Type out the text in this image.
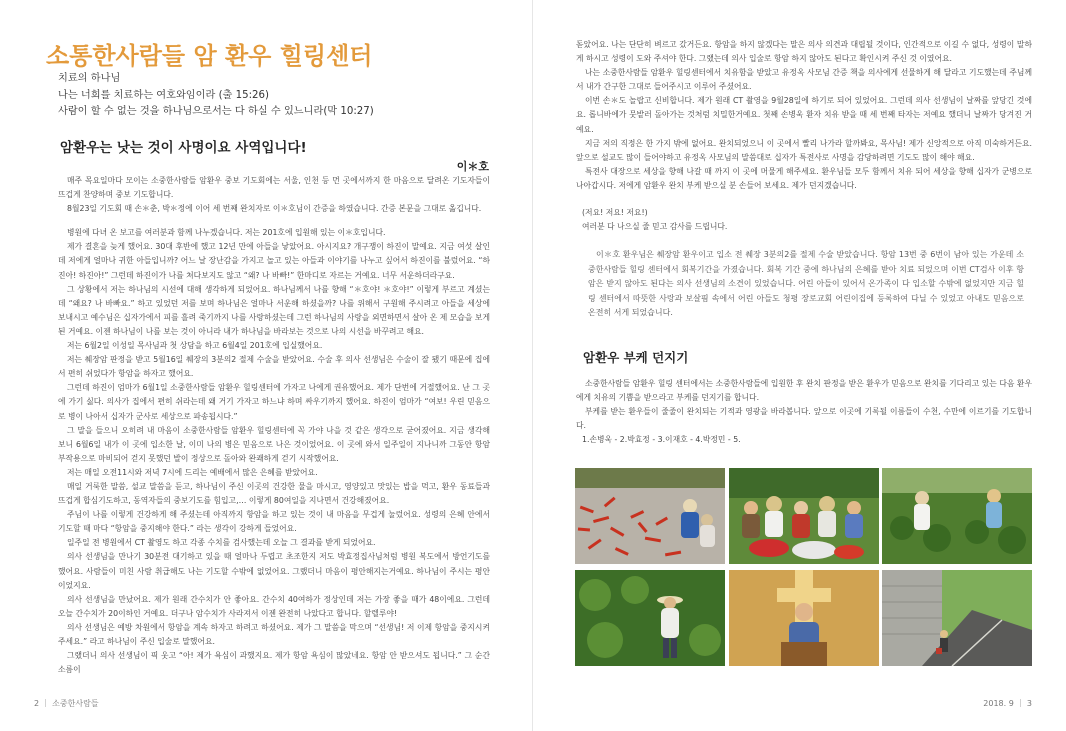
소통한사람들 암 환우 힐링센터
치료의 하나님
나는 너희를 치료하는 여호와임이라 (출 15:26)
사람이 할 수 없는 것을 하나님으로서는 다 하실 수 있느니라(막 10:27)
암환우는 낫는 것이 사명이요 사역입니다!
이＊호

매주 목요일마다 모이는 소중한사람들 암환우 중보 기도회에는 서울, 인천 등 먼 곳에서까지 한 마음으로 달려온 기도자들이 뜨겁게 찬양하며 중보 기도합니다.

8월23일 기도회 때 손＊춘, 박＊정에 이어 세 번째 완치자로 이＊호님이 간증을 하였습니다. 간증 본문을 그대로 옮깁니다.

병원에 다녀 온 보고를 여러분과 함께 나누겠습니다. 저는 201호에 입원해 있는 이＊호입니다.

제가 결혼을 늦게 했어요. 30대 후반에 했고 12년 만에 아들을 낳았어요. 아시지요? 개구쟁이 하진이 말예요. 지금 여섯 살인데 저에게 얼마나 귀한 아들입니까? 어느 날 장난감을 가지고 놀고 있는 아들과 이야기를 나누고 싶어서 하진이를 불렀어요. “하진아! 하진아!” 그런데 하진이가 나를 쳐다보지도 않고 “왜? 나 바빠!” 한마디로 자르는 거예요. 너무 서운하더라구요.

그 상황에서 저는 하나님의 시선에 대해 생각하게 되었어요. 하나님께서 나를 향해 “＊호야! ＊호야!” 이렇게 부르고 계셨는데 “왜요? 나 바빠요.” 하고 있었던 저를 보며 하나님은 얼마나 서운해 하셨을까? 나를 위해서 구원해 주시려고 아들을 세상에 보내시고 예수님은 십자가에서 피를 흘려 죽기까지 나를 사랑하셨는데 그런 하나님의 사랑을 외면하면서 살아 온 제 모습을 보게 된 거예요. 이젠 하나님이 나를 보는 것이 아니라 내가 하나님을 바라보는 것으로 나의 시선을 바꾸려고 해요.

저는 6월2일 이성일 목사님과 첫 상담을 하고 6월4일 201호에 입실했어요.

저는 췌장암 판정을 받고 5월16일 췌장의 3분의2 절제 수술을 받았어요. 수술 후 의사 선생님은 수술이 잘 됐기 때문에 집에서 편히 쉬었다가 항암을 하자고 했어요.

그런데 하진이 엄마가 6월1일 소중한사람들 암환우 힐링센터에 가자고 나에게 권유했어요. 제가 단번에 거절했어요. 난 그 곳에 가기 싫다. 의사가 집에서 편히 쉬라는데 왜 거기 가자고 하느냐 하며 싸우기까지 했어요. 하진이 엄마가 “여보! 우린 믿음으로 병이 나아서 십자가 군사로 세상으로 파송됩시다.”

그 말을 들으니 오히려 내 마음이 소중한사람들 암환우 힐링센터에 꼭 가야 나을 것 같은 생각으로 굳어졌어요. 지금 생각해 보니 6월6일 내가 이 곳에 입소한 날, 이미 나의 병은 믿음으로 나은 것이었어요. 이 곳에 와서 일주일이 지나니까 그동안 항암 부작용으로 마비되어 걷지 못했던 발이 정상으로 돌아와 완쾌하게 걷기 시작했어요.

저는 매일 오전11시와 저녁 7시에 드리는 예배에서 많은 은혜를 받았어요.

매일 거룩한 말씀, 설교 말씀을 듣고, 하나님이 주신 이곳의 건강한 물을 마시고, 영양있고 맛있는 밥을 먹고, 환우 동료들과 뜨겁게 합심기도하고, 동역자들의 중보기도를 힘입고,… 이렇게 80여일을 지나면서 건강해졌어요.

주님이 나를 이렇게 건강하게 해 주셨는데 아직까지 항암을 하고 있는 것이 내 마음을 무겁게 눌렀어요. 성령의 은혜 안에서 기도할 때 마다 “항암을 중지해야 한다.” 라는 생각이 강하게 들었어요.

일주일 전 병원에서 CT 촬영도 하고 각종 수치를 검사했는데 오늘 그 결과를 받게 되었어요.

의사 선생님을 만나기 30분전 대기하고 있을 때 얼마나 두렵고 초조한지 저도 박효정집사님처럼 병원 복도에서 방언기도를 했어요. 사람들이 미친 사람 취급해도 나는 기도할 수밖에 없었어요. 그랬더니 마음이 평안해지는거예요. 하나님이 주시는 평안이었지요.

의사 선생님을 만났어요. 제가 원래 간수치가 안 좋아요. 간수치 40여하가 정상인데 저는 가장 좋을 때가 48이에요. 그런데 오늘 간수치가 20이하인 거예요. 더구나 암수치가 사라져서 이젠 완전히 나았다고 합니다. 할렐루야!

의사 선생님은 예방 차원에서 항암을 계속 하자고 하려고 하셨어요. 제가 그 말씀을 막으며 “선생님! 저 이제 항암을 중지시켜 주세요.” 라고 하나님이 주신 입술로 말했어요.

그랬더니 의사 선생님이 픽 웃고 “아! 제가 욕심이 과했지요. 제가 항암 욕심이 많았네요. 항암 안 받으셔도 됩니다.” 그 순간 소름이

2 ｜ 소중한사람들

돋았어요. 나는 단단히 벼르고 갔거든요. 항암을 하지 않겠다는 말은 의사 의견과 대립될 것이다, 인간적으로 이길 수 없다, 성령이 말하게 하시고 성령이 도와 주셔야 한다. 그랬는데 의사 입술로 항암 하지 않아도 된다고 확인시켜 주신 것 이였어요.

나는 소중한사람들 암환우 힐링센터에서 치유함을 받았고 유정옥 사모님 간증 책을 의사에게 선물하게 해 달라고 기도했는데 주님께서 내가 간구한 그대로 들어주시고 이루어 주셨어요.

이번 손＊도 놀랍고 신비합니다. 제가 원래 CT 촬영을 9월28일에 하기로 되어 있었어요. 그런데 의사 선생님이 날짜를 앞당긴 것에요. 롭니바에가 뭇밭러 돌아가는 것처럼 치밀한거예요. 첫째 손병욱 환자 치유 받을 때 세 번째 타자는 저예요 했더니 날짜가 당겨진 거예요.

지금 저의 직정은 한 가지 밖에 없어요. 완치되었으니 이 곳에서 빨리 나가라 할까봐요, 목사님! 제가 신앙적으로 아직 미숙하거든요. 앞으로 설교도 많이 들어야하고 유정옥 사모님의 말씀대로 십자가 특전사로 사명을 감당하려면 기도도 많이 해야 해요.

특전사 대장으로 세상을 향해 나갈 때 까지 이 곳에 머물게 해주세요. 환우님들 모두 함께서 치유 되어 세상을 향해 십자가 군병으로 나아갑시다. 저에게 암환우 완치 부케 받으실 분 손들어 보세요. 제가 던지겠습니다.

(저요! 저요! 저요!)
여러분 다 나으실 줄 믿고 감사를 드립니다.
이＊호 환우님은 췌장암 환우이고 입소 전 췌장 3분의2를 절제 수술 받았습니다. 항암 13번 중 6번이 남아 있는 가운데 소중한사람들 힐링 센터에서 회복기간을 가졌습니다. 회복 기간 중에 하나님의 은혜를 받아 치료 되었으며 이번 CT검사 이후 항암은 받지 않아도 된다는 의사 선생님의 소견이 있었습니다. 어린 아들이 있어서 온가족이 다 입소할 수밖에 없었지만 지금 힐링 센터에서 따뜻한 사랑과 보살핌 속에서 어린 아들도 청평 장로교회 어린이집에 등록하여 다닐 수 있었고 아내도 믿음으로 온전히 서게 되었습니다.
암환우 부케 던지기

소중한사람들 암환우 힐링 센터에서는 소중한사람들에 입원한 후 완치 판정을 받은 환우가 믿음으로 완치를 기다리고 있는 다음 환우에게 치유의 기쁨을 받으라고 부케를 던지기를 합니다.

부케를 받는 환우들이 줄줄이 완치되는 기적과 영광을 바라봅니다. 앞으로 이곳에 기록될 이름들이 수천, 수만에 이르기를 기도합니다.

1.손병욱 - 2.박효정 - 3.이재호 - 4.박정민 - 5.
2018. 9 ｜ 3
